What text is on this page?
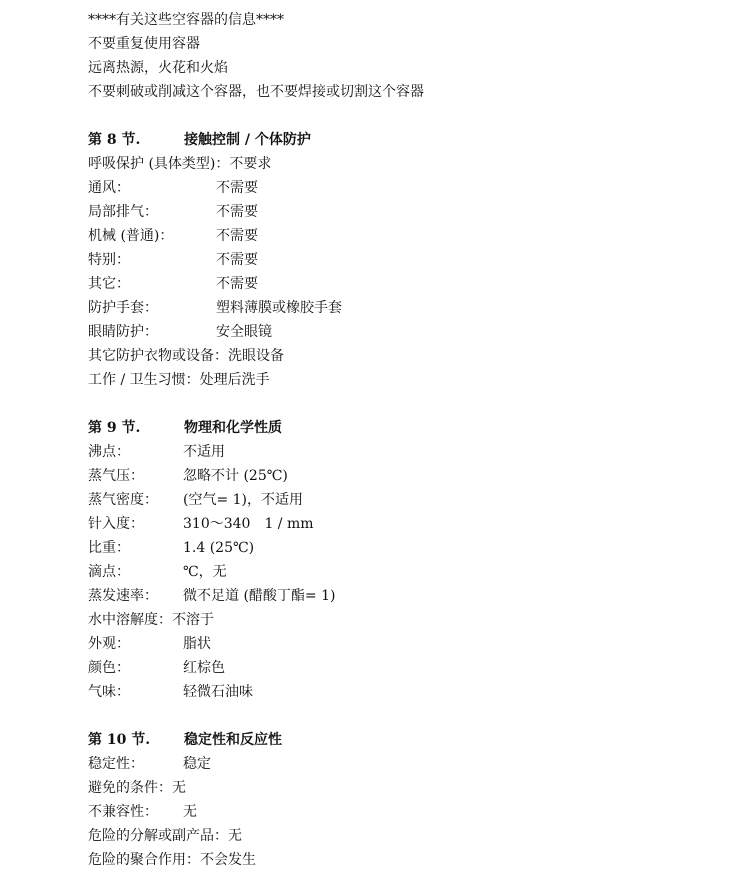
****有关这些空容器的信息****
不要重复使用容器
远离热源，火花和火焰
不要刺破或削减这个容器，也不要焊接或切割这个容器
第 8 节.	接触控制 / 个体防护
呼吸保护 (具体类型)：不要求
通风：	不需要
局部排气：	不需要
机械 (普通)：	不需要
特别：	不需要
其它：	不需要
防护手套：	塑料薄膜或橡胶手套
眼睛防护：	安全眼镜
其它防护衣物或设备：洗眼设备
工作 / 卫生习惯：处理后洗手
第 9 节.	物理和化学性质
沸点：	不适用
蒸气压：	忽略不计 (25℃)
蒸气密度： (空气= 1)，不适用
针入度：	310～340　1 / mm
比重：	1.4 (25℃)
滴点：	℃，无
蒸发速率： 微不足道 (醋酸丁酯= 1)
水中溶解度：不溶于
外观：	脂状
颜色：	红棕色
气味：	轻微石油味
第 10 节. 稳定性和反应性
稳定性：	稳定
避免的条件：无
不兼容性： 无
危险的分解或副产品：无
危险的聚合作用：不会发生
